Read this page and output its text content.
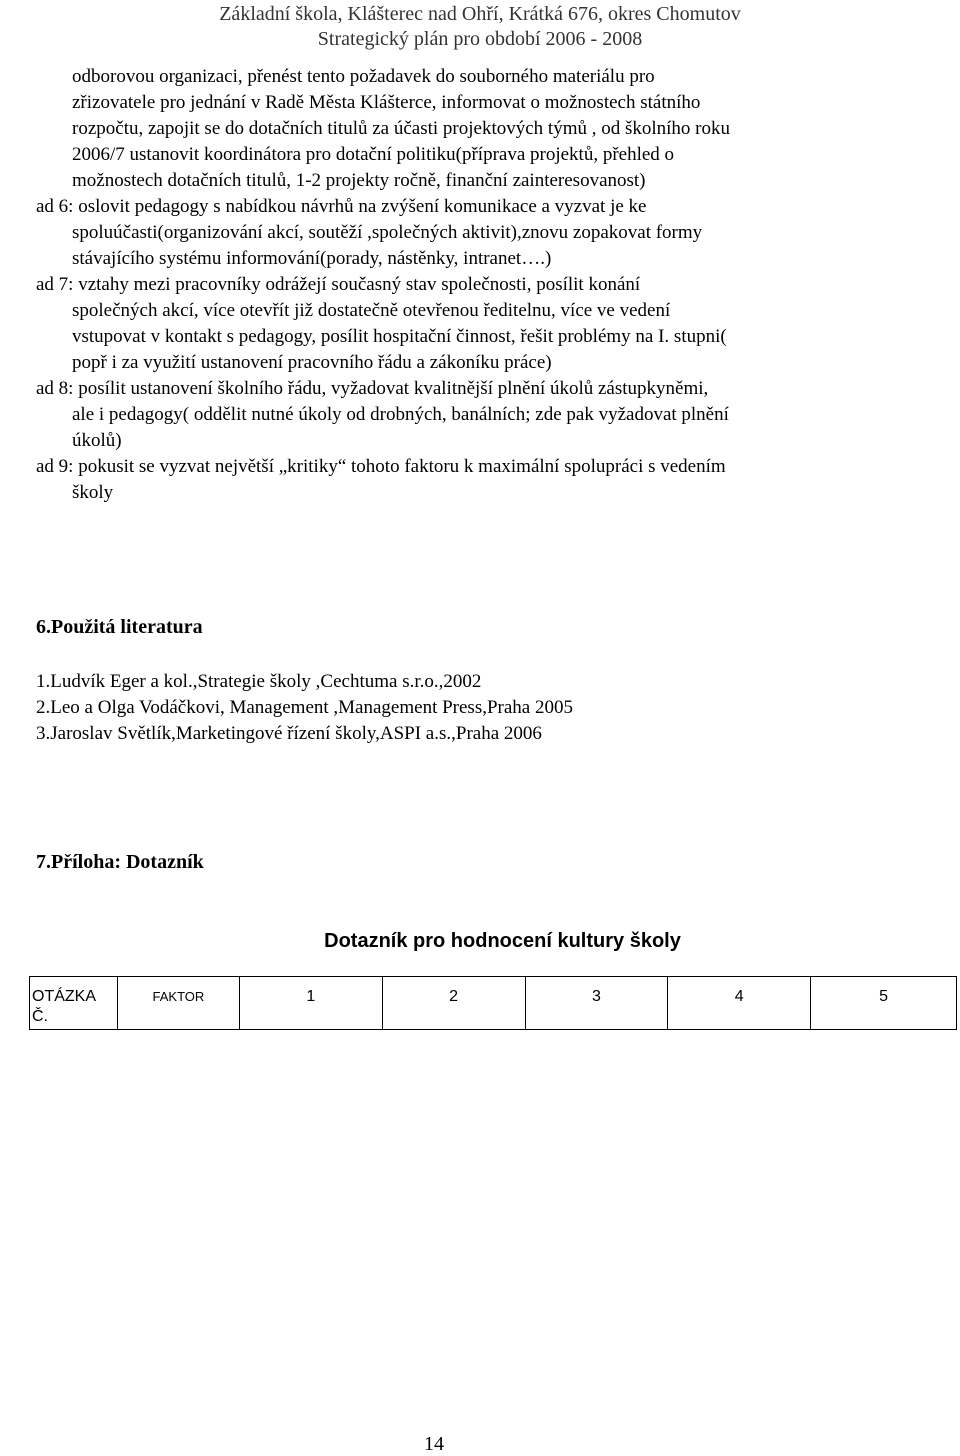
Základní škola, Klášterec nad Ohří, Krátká 676, okres Chomutov
Strategický plán pro období 2006 - 2008
odborovou organizaci, přenést tento požadavek do souborného materiálu pro
zřizovatele pro jednání v Radě Města Klášterce, informovat o možnostech státního
rozpočtu, zapojit se do dotačních titulů za účasti projektových týmů , od školního roku
2006/7 ustanovit koordinátora pro dotační politiku(příprava projektů, přehled o
možnostech dotačních titulů, 1-2 projekty ročně, finanční zainteresovanost)
ad 6: oslovit pedagogy s nabídkou návrhů na zvýšení komunikace a vyzvat je ke
spoluúčasti(organizování akcí, soutěží ,společných aktivit),znovu zopakovat formy
stávajícího systému informování(porady, nástěnky, intranet….)
ad 7: vztahy mezi pracovníky odrážejí současný stav společnosti, posílit konání
společných akcí, více otevřít již dostatečně otevřenou ředitelnu, více ve vedení
vstupovat v kontakt s pedagogy, posílit hospitační činnost, řešit problémy na I. stupni(
popř i za využití ustanovení pracovního řádu a zákoníku práce)
ad 8: posílit ustanovení školního řádu, vyžadovat kvalitnější plnění úkolů zástupkyněmi,
ale i pedagogy( oddělit nutné úkoly od drobných, banálních; zde pak vyžadovat plnění
úkolů)
ad 9: pokusit se vyzvat největší „kritiky“ tohoto faktoru k maximální spolupráci s vedením
školy
6.Použitá literatura
1.Ludvík Eger a kol.,Strategie školy ,Cechtuma s.r.o.,2002
2.Leo a Olga Vodáčkovi, Management ,Management Press,Praha 2005
3.Jaroslav Světlík,Marketingové řízení školy,ASPI a.s.,Praha 2006
7.Příloha: Dotazník
Dotazník pro hodnocení kultury školy
OTÁZKA Č.	FAKTOR	1	2	3	4	5
14
